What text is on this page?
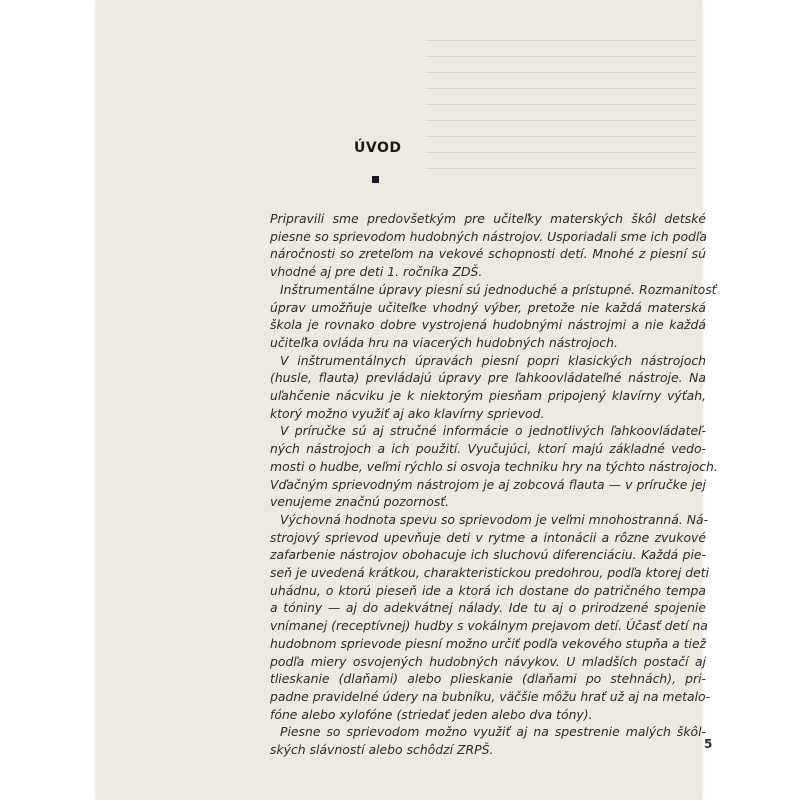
ÚVOD

Pripravili sme predovšetkým pre učiteľky materských škôl detské
piesne so sprievodom hudobných nástrojov. Usporiadali sme ich podľa
náročnosti so zreteľom na vekové schopnosti detí. Mnohé z piesní sú
vhodné aj pre deti 1. ročníka ZDŠ.

Inštrumentálne úpravy piesní sú jednoduché a prístupné. Rozmanitosť
úprav umožňuje učiteľke vhodný výber, pretože nie každá materská
škola je rovnako dobre vystrojená hudobnými nástrojmi a nie každá
učiteľka ovláda hru na viacerých hudobných nástrojoch.

V inštrumentálnych úpravách piesní popri klasických nástrojoch
(husle, flauta) prevládajú úpravy pre ľahkoovládateľné nástroje. Na
uľahčenie nácviku je k niektorým piesňam pripojený klavírny výťah,
ktorý možno využiť aj ako klavírny sprievod.

V príručke sú aj stručné informácie o jednotlivých ľahkoovládateľ-
ných nástrojoch a ich použití. Vyučujúci, ktorí majú základné vedo-
mosti o hudbe, veľmi rýchlo si osvoja techniku hry na týchto nástrojoch.
Vďačným sprievodným nástrojom je aj zobcová flauta — v príručke jej
venujeme značnú pozornosť.

Výchovná hodnota spevu so sprievodom je veľmi mnohostranná. Ná-
strojový sprievod upevňuje deti v rytme a intonácii a rôzne zvukové
zafarbenie nástrojov obohacuje ich sluchovú diferenciáciu. Každá pie-
seň je uvedená krátkou, charakteristickou predohrou, podľa ktorej deti
uhádnu, o ktorú pieseň ide a ktorá ich dostane do patričného tempa
a tóniny — aj do adekvátnej nálady. Ide tu aj o prirodzené spojenie
vnímanej (receptívnej) hudby s vokálnym prejavom detí. Účasť detí na
hudobnom sprievode piesní možno určiť podľa vekového stupňa a tiež
podľa miery osvojených hudobných návykov. U mladších postačí aj
tlieskanie (dlaňami) alebo plieskanie (dlaňami po stehnách), pri-
padne pravidelné údery na bubníku, väčšie môžu hrať už aj na metalo-
fóne alebo xylofóne (striedať jeden alebo dva tóny).

Piesne so sprievodom možno využiť aj na spestrenie malých škôl-
ských slávností alebo schôdzí ZRPŠ.	5
